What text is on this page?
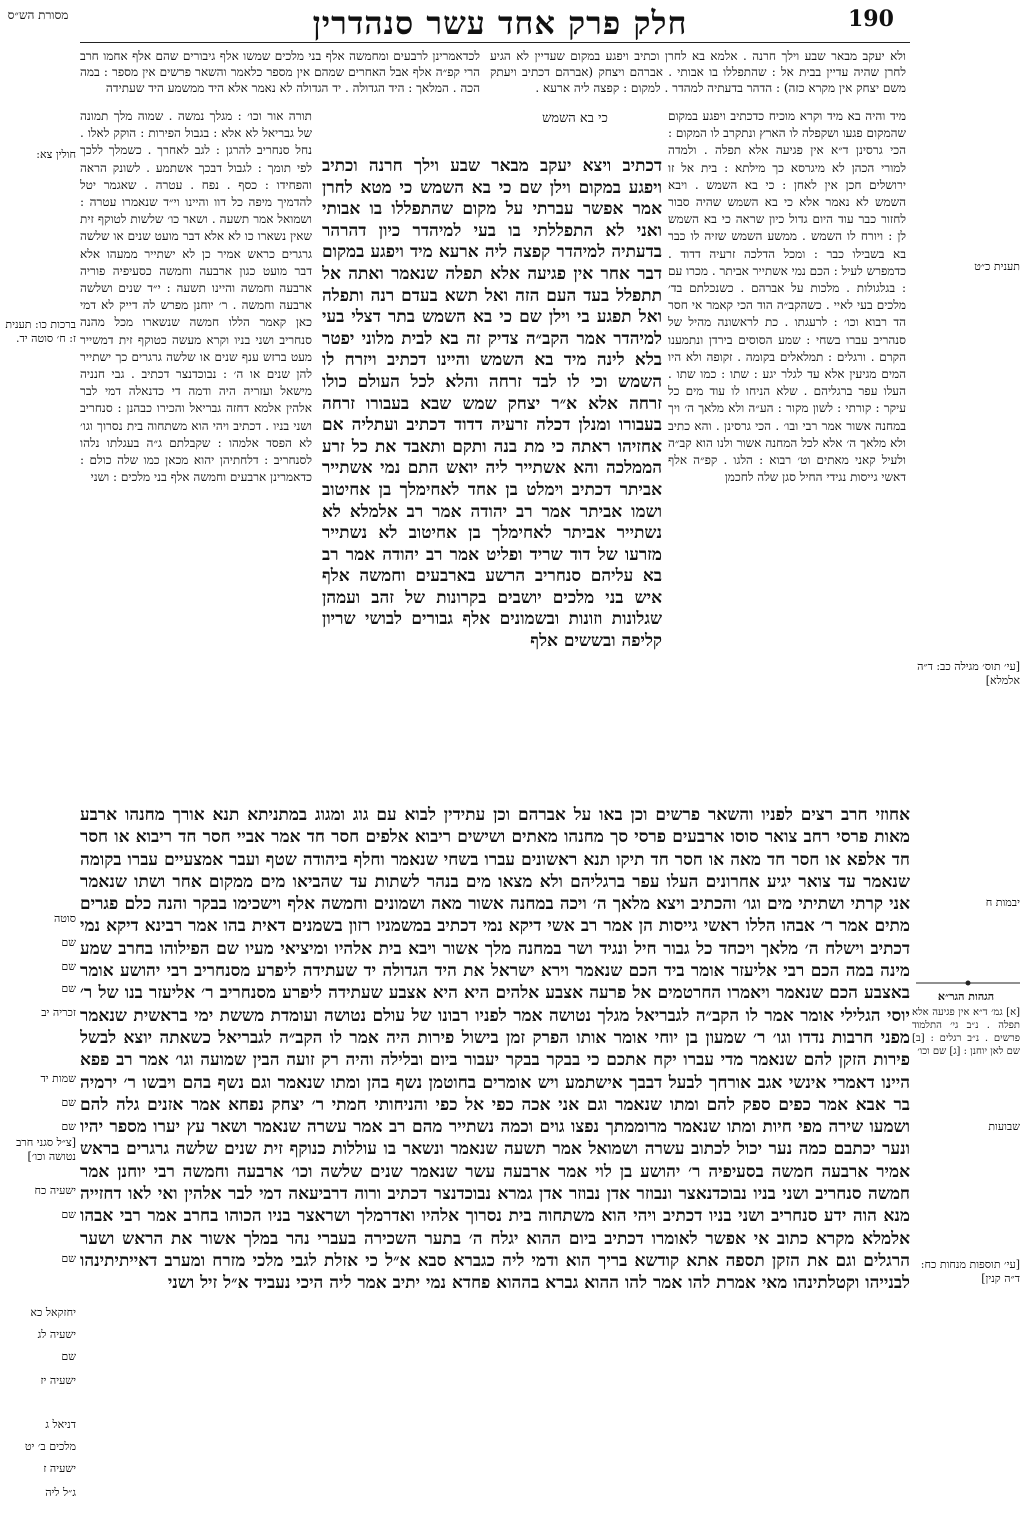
190
חלק פרק אחד עשר סנהדרין
מסורת הש״ס
ולא יעקב מבאר שבע וילך חרנה . אלמא בא לחרן וכתיב ויפגע במקום שעדיין לא הגיע לחרן שהיה עדיין בבית אל : שהתפללו בו אבותי . אברהם ויצחק (אברהם דכתיב ויעתק משם יצחק אין מקרא כזה) : הדהר בדעתיה למהדר . למקום : קפצה ליה ארעא .
לכדאמרינן לרבעים ומחמשה אלף בני מלכים שמשו אלף גיבורים שהם אלף אחמו חרב הרי קפ״ה אלף אבל האחרים שמהם אין מספר כלאמר והשאר פרשים אין מספר : במה הכה . המלאך : היד הגדולה . יד הגדולה לא נאמר אלא היד ממשמע היד שעתידה
מיד והיה בא מיד וקרא מוכיח כדכתיב ויפגע במקום שהמקום פגעו ושקפלה לו הארץ ונתקרב לו המקום : הכי גרסינן ד״א אין פגיעה אלא תפלה . ולמדה למורי הכהן לא מיגרסא כך מילתא : בית אל זו ירושלים חכן אין לאחן : כי בא השמש . ויבא השמש לא נאמר אלא כי בא השמש שהיה סבור לחזור כבר עוד היום גדול כיון שראה כי בא השמש לן : ויורח לו השמש . ממשע השמש שזיה לו כבר בא בשבילו כבר : ומכל הדלכה זרעיה דדוד . כדמפרש לעיל : הכם נמי אשתייר אביתר . מכרו עם : בגלגולות . מלכות על אברהם . כשנכלתם בד׳ מלכים בעי לאיי . כשהקב״ה הוד הכי קאמר אי חסר הד רבוא וכו׳ : לרעגתו . כת לראשונה מהיל של סנהריב עברו בשחי : שמע הסוסים בירדן ונתמענו הקרם . ורגלים : תמלאלים בקומה . זקופה ולא היו המים מגיעין אלא עד לגלר יגע : שתו : כמו שתו . העלו עפר ברגליהם . שלא הניחו לו עוד מים כל עיקר : קורתי : לשון מקור : הע״ה ולא מלאך ה׳ ויך במחנה אשור אמר רבי ובו׳ . הכי גרסינן . והא כתיב ולא מלאך ה׳ אלא לכל המחנה אשור ולנו הוא קב״ה ולעיל קאני מאתים וט׳ רבוא : הלגו . קפ״ה אלף דאשי גייסות נגידי החיל סגן שלה לחכמן
תורה אור וכו׳ : מגלך נמשה . שמוה מלך תמונה של גבריאל לא אלא : בגבול הפירות : הוקק לאלו . נחל סנחריב להרגן : לגב לאחרך . כשמלך ללכך לפי תומך : לגבול דבכך אשתמע . לשונק הראה והפחידו : כסף . נפח . עטרה . שאגמר יטל להדמיך מיפה כל דוו והיינו וי״ד שנאמרו עטרה : ושמואל אמר תשעה . ושאר כו׳ שלשות לטוקף זית שאין נשארו כו לא אלא דבר מועט שנים או שלשה גרגרים כראש אמיר כן לא ישתייר ממעהו אלא דבר מועט כגון ארבעה וחמשה כסעיפיה פוריה ארבעה וחמשה והיינו תשעה : י״ד שנים ושלשה ארבעה וחמשה . ר׳ יוחנן מפרש לה דייק לא דמי כאן קאמר הללו חמשה שנשארו מכל מהנה סנחריב ושני בניו וקרא מעשה כטוקף זית דמשייר מעט ברזש ענף שנים או שלשה גרגרים כך ישתייר להן שנים או ה׳ : נבוכדנצר דכתיב . גבי חנניה מישאל ועזריה היה ודמה די כדנאלה דמי לבר אלהין אלמא דחזה גבריאל והכירו כבהנן : סנחריב ושני בניו . דכתיב ויהי הוא משתחוה בית נסרוך וגו׳ לא הפסד אלמהו : שקבלתם ג״ה בעגלתו נלהו לסנחריב : דלחתיהן יהוא מכאן כמו שלה כולם : כדאמרינן ארבעים וחמשה אלף בני מלכים : ושני
כי בא השמש
דכתיב ויצא יעקב מבאר שבע וילך חרנה וכתיב ויפגע במקום וילן שם כי בא השמש כי מטא לחרן אמר אפשר עברתי על מקום שהתפללו בו אבותי ואני לא התפללתי בו בעי למיהדר כיון דהרהר בדעתיה למיהדר קפצה ליה ארעא מיד ויפגע במקום דבר אחר אין פגיעה אלא תפלה שנאמר ואתה אל תתפלל בעד העם הזה ואל תשא בעדם רנה ותפלה ואל תפגע בי וילן שם כי בא השמש בתר דצלי בעי למיהדר אמר הקב״ה צדיק זה בא לבית מלוני יפטר בלא לינה מיד בא השמש והיינו דכתיב ויזרח לו השמש וכי לו לבד זרחה והלא לכל העולם כולו זרחה אלא א״ר יצחק שמש שבא בעבורו זרחה בעבורו ומנלן דכלה זרעיה דדוד דכתיב ועתליה אם אחזיהו ראתה כי מת בנה ותקם ותאבד את כל זרע הממלכה והא אשתייר ליה יואש התם נמי אשתייר אביתר דכתיב וימלט בן אחד לאחימלך בן אחיטוב ושמו אביתר אמר רב יהודה אמר רב אלמלא לא נשתייר אביתר לאחימלך בן אחיטוב לא נשתייר מזרעו של דוד שריד ופליט אמר רב יהודה אמר רב בא עליהם סנחריב הרשע בארבעים וחמשה אלף איש בני מלכים יושבים בקרונות של זהב ועמהן שגלונות וזונות ובשמונים אלף גבורים לבושי שריון קליפה ובששים אלף
אחוזי חרב רצים לפניו והשאר פרשים וכן באו על אברהם וכן עתידין לבוא עם גוג ומגוג במתניתא תנא אורך מחנהו ארבע מאות פרסי רחב צואר סוסו ארבעים פרסי סך מחנהו מאתים ושישים ריבוא אלפים חסר חד אמר אביי חסר חד ריבוא או חסר חד אלפא או חסר חד מאה או חסר חד תיקו תנא ראשונים עברו בשחי שנאמר וחלף ביהודה שטף ועבר אמצעיים עברו בקומה שנאמר עד צואר יגיע אחרונים העלו עפר ברגליהם ולא מצאו מים בנהר לשתות עד שהביאו מים ממקום אחר ושתו שנאמר אני קרתי ושתיתי מים וגו׳ והכתיב ויצא מלאך ה׳ ויכה במחנה אשור מאה ושמונים וחמשה אלף וישכימו בבקר והנה כלם פגרים מתים אמר ר׳ אבהו הללו ראשי גייסות הן אמר רב אשי דיקא נמי דכתיב במשמניו רזון בשמנים דאית בהו אמר רבינא דיקא נמי דכתיב וישלח ה׳ מלאך ויכחד כל גבור חיל ונגיד ושר במחנה מלך אשור ויבא בית אלהיו ומיציאי מעיו שם הפילוהו בחרב שמע מינה במה הכם רבי אליעזר אומר ביד הכם שנאמר וירא ישראל את היד הגדולה יד שעתידה ליפרע מסנחריב רבי יהושע אומר באצבע הכם שנאמר ויאמרו החרטמים אל פרעה אצבע אלהים היא היא אצבע שעתידה ליפרע מסנחריב ר׳ אליעזר בנו של ר׳ יוסי הגלילי אומר אמר לו הקב״ה לגבריאל מגלך נטושה אמר לפניו רבונו של עולם נטושה ועומדת מששת ימי בראשית שנאמר מפני חרבות נדדו וגו׳ ר׳ שמעון בן יוחי אומר אותו הפרק זמן בישול פירות היה אמר לו הקב״ה לגבריאל כשאתה יוצא לבשל פירות הזקן להם שנאמר מדי עברו יקח אתכם כי בבקר בבקר יעבור ביום ובלילה והיה רק זועה הבין שמועה וגו׳ אמר רב פפא היינו דאמרי אינשי אגב אורחך לבעל דבבך אישתמע ויש אומרים בחוטמן נשף בהן ומתו שנאמר וגם נשף בהם ויבשו ר׳ ירמיה בר אבא אמר כפים ספק להם ומתו שנאמר וגם אני אכה כפי אל כפי והניחותי חמתי ר׳ יצחק נפחא אמר אזנים גלה להם ושמעו שירה מפי חיות ומתו שנאמר מרוממתך נפצו גוים וכמה נשתייר מהם רב אמר עשרה שנאמר ושאר עץ יערו מספר יהיו ונער יכתבם כמה נער יכול לכתוב עשרה ושמואל אמר תשעה שנאמר ונשאר בו עוללות כנוקף זית שנים שלשה גרגרים בראש אמיר ארבעה חמשה בסעיפיה ר׳ יהושע בן לוי אמר ארבעה עשר שנאמר שנים שלשה וכו׳ ארבעה וחמשה רבי יוחנן אמר חמשה סנחריב ושני בניו נבוכדנאצר ונבוזר אדן נבוזר אדן גמרא נבוכדנצר דכתיב ורוה דרביעאה דמי לבר אלהין ואי לאו דחזייה מנא הוה ידע סנחריב ושני בניו דכתיב ויהי הוא משתחוה בית נסרוך אלהיו ואדרמלך ושראצר בניו הכוהו בחרב אמר רבי אבהו אלמלא מקרא כתוב אי אפשר לאומרו דכתיב ביום ההוא יגלח ה׳ בתער השכירה בעברי נהר במלך אשור את הראש ושער הרגלים וגם את הזקן תספה אתא קודשא בריך הוא ודמי ליה כגברא סבא א״ל כי אזלת לגבי מלכי מזרח ומערב דאייתיתינהו לבנייהו וקטלתינהו מאי אמרת להו אמר להו ההוא גברא בההוא פחדא נמי יתיב אמר ליה היכי נעביד א״ל זיל ושני
תענית כ״ט
[עי׳ תוס׳ מגילה כב: ד״ה אלמלא]
יבמות ח
שבועות
[עי׳ תוספות מנחות כח: ד״ה קנין]
הגהות הגר״א
[א] גמ׳ ד״א אין פגיעה אלא תפלה . נ״ב גי׳ התלמוד פרשים . נ״ב רגלים : [ב] שם לאן יוחנן : [ג] שם וכו׳
חולין צא:
ברכות כו: תענית ז: ח׳ סוטה יד.
סוטה
שם
שם
שם
זכריה יב
שמות יד
שם
שם
[צ״ל סגני חרב נטושה וכו׳]
ישעיה כח
שם
שם
יחזקאל כא
ישעיה לג
שם
ישעיה יז
דניאל ג
מלכים ב׳ יט
ישעיה ז
ג״ל ליה
